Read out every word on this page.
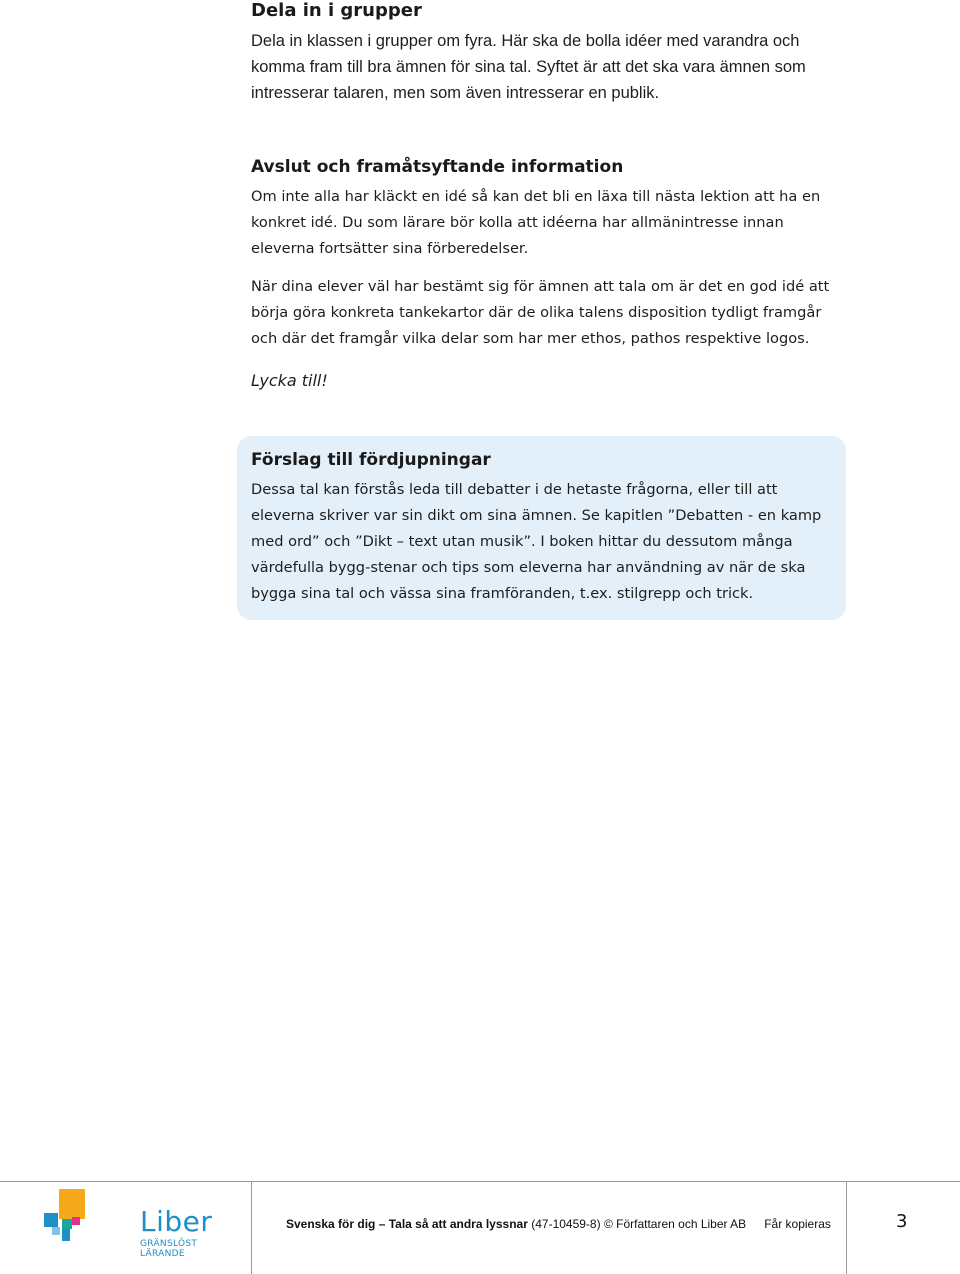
Dela in i grupper

Dela in klassen i grupper om fyra. Här ska de bolla idéer med varandra och komma fram till bra ämnen för sina tal. Syftet är att det ska vara ämnen som intresserar talaren, men som även intresserar en publik.

Avslut och framåtsyftande information

Om inte alla har kläckt en idé så kan det bli en läxa till nästa lektion att ha en konkret idé. Du som lärare bör kolla att idéerna har allmänintresse innan eleverna fortsätter sina förberedelser.

När dina elever väl har bestämt sig för ämnen att tala om är det en god idé att börja göra konkreta tankekartor där de olika talens disposition tydligt framgår och där det framgår vilka delar som har mer ethos, pathos respektive logos.

Lycka till!
Förslag till fördjupningar

Dessa tal kan förstås leda till debatter i de hetaste frågorna, eller till att eleverna skriver var sin dikt om sina ämnen. Se kapitlen ”Debatten - en kamp med ord” och ”Dikt – text utan musik”. I boken hittar du dessutom många värdefulla bygg-stenar och tips som eleverna har användning av när de ska bygga sina tal och vässa sina framföranden, t.ex. stilgrepp och trick.

Liber
GRÄNSLÖST LÄRANDE
Svenska för dig – Tala så att andra lyssnar (47-10459-8) © Författaren och Liber AB Får kopieras	3
